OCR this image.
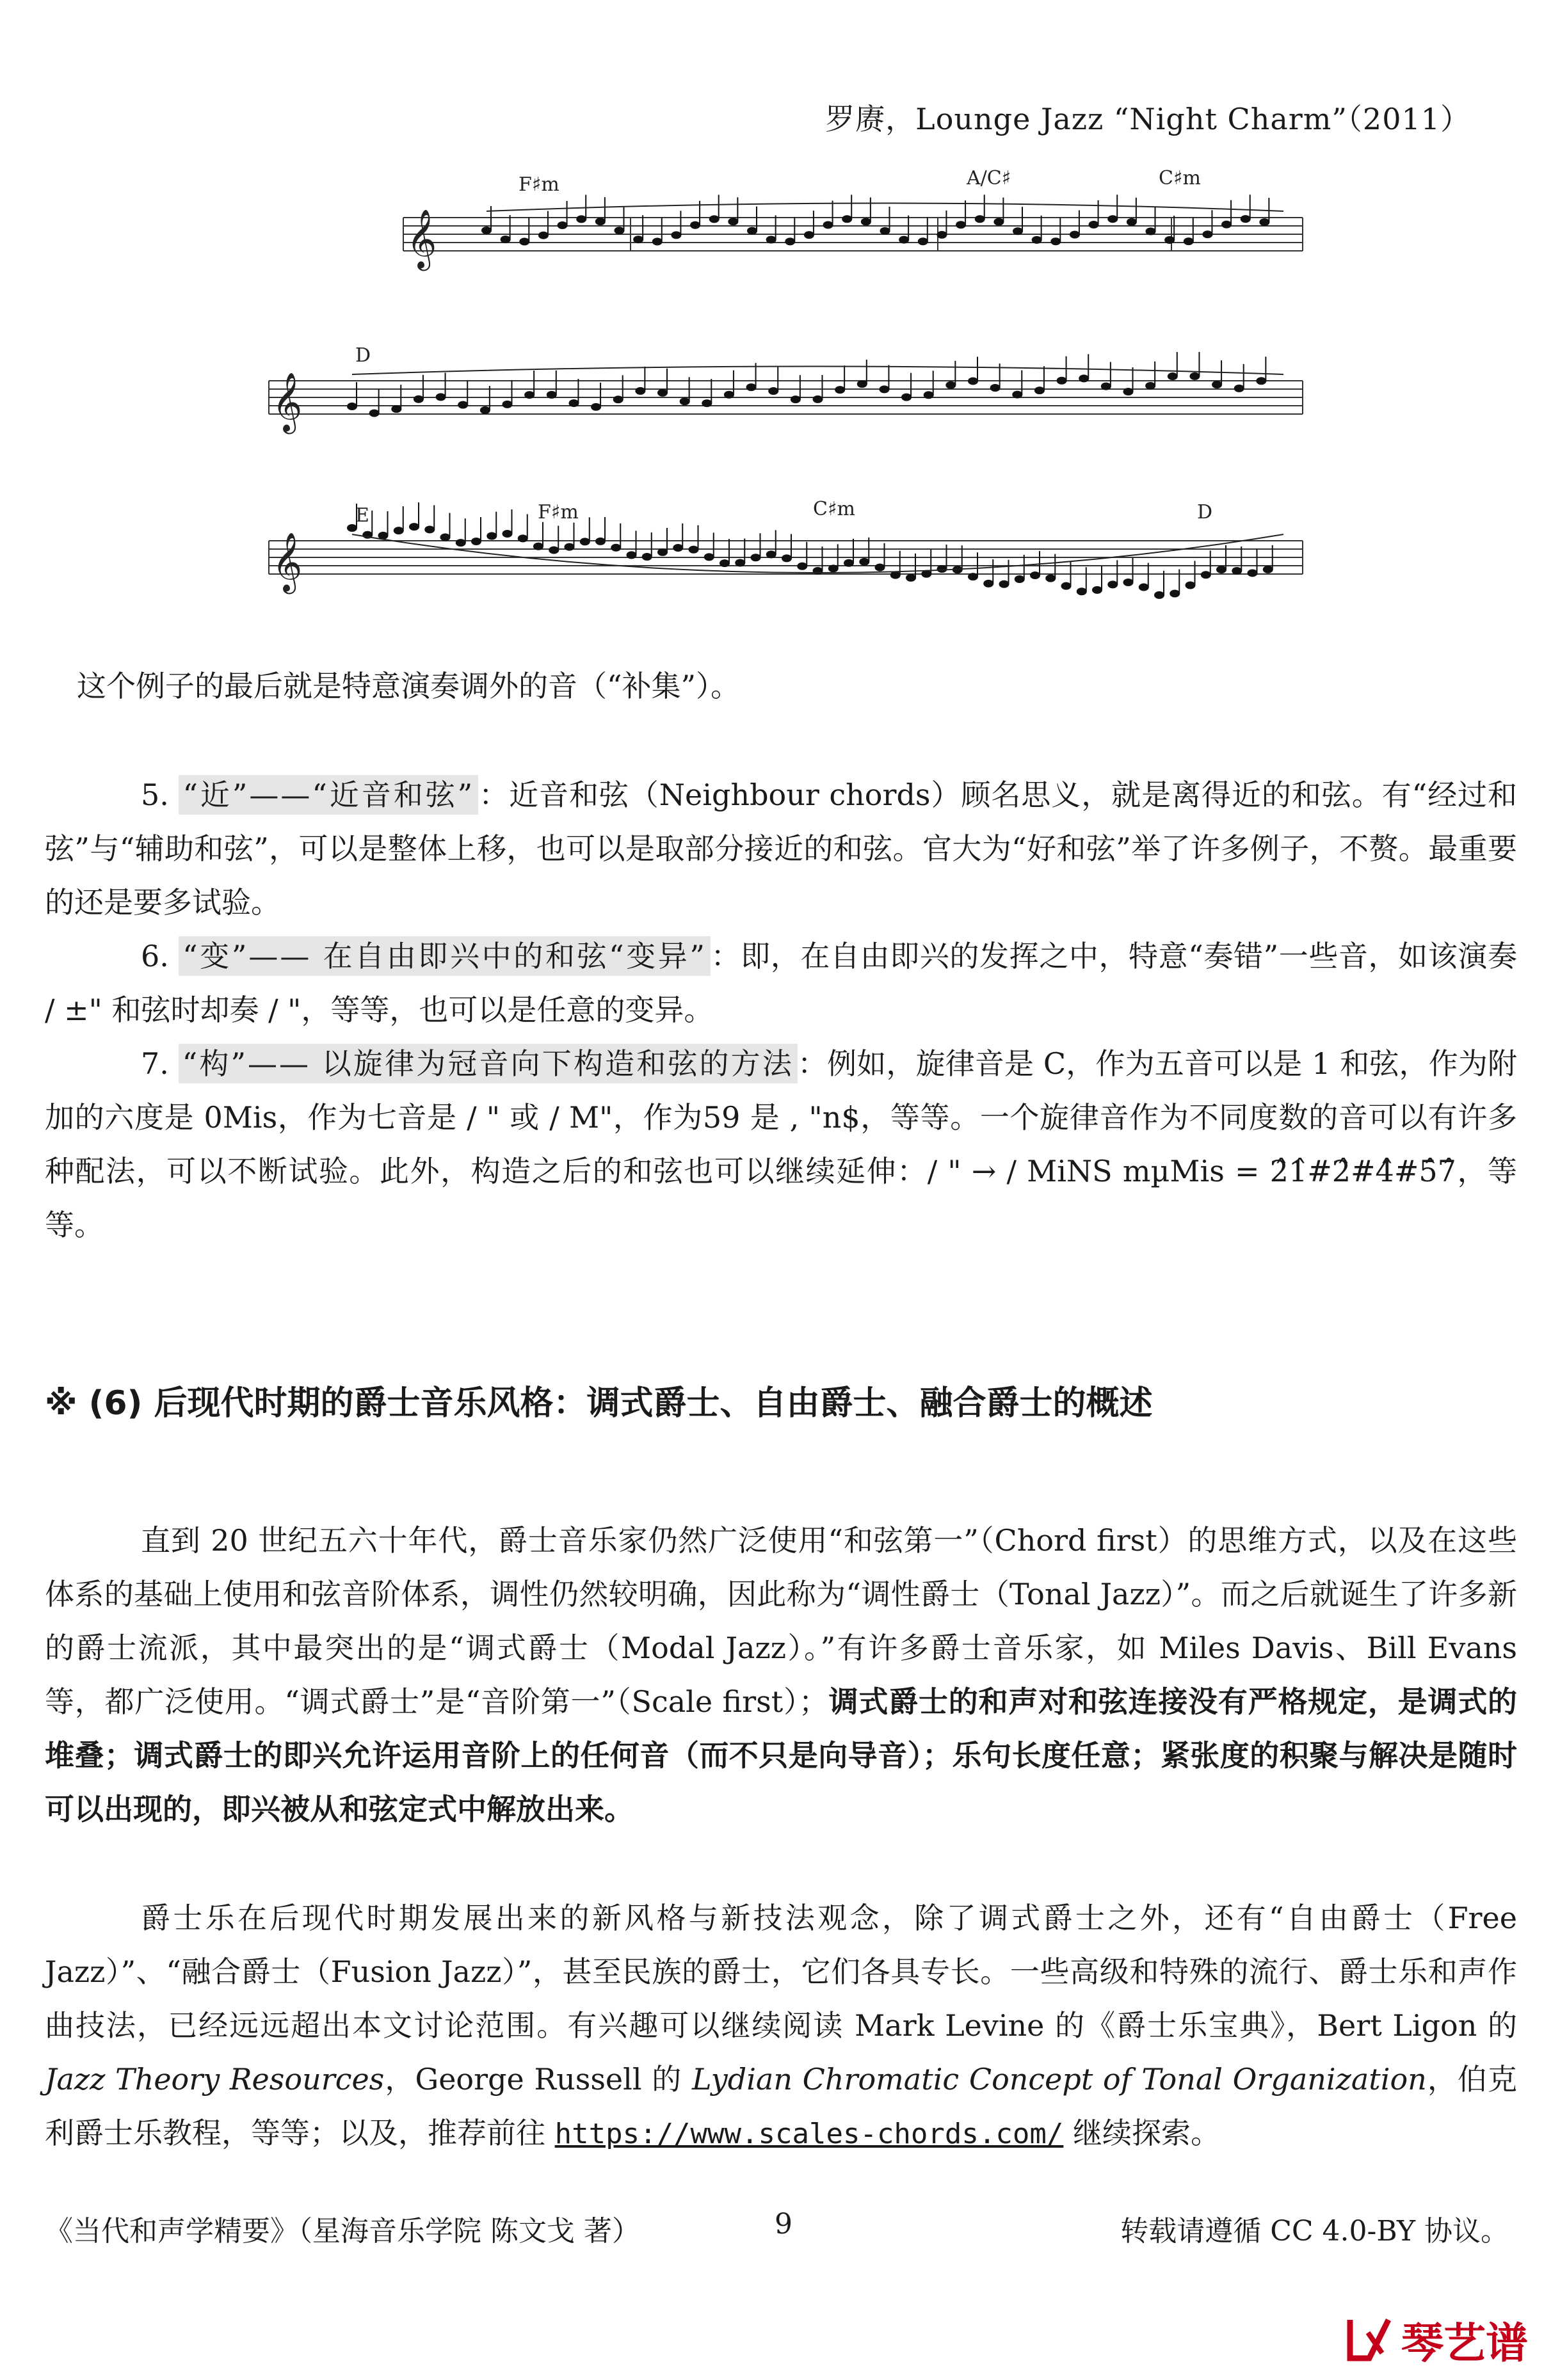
罗赓，Lounge Jazz “Night Charm”（2011）
𝄞
𝄞
𝄞
F♯m	A/C♯	C♯m
D
E	F♯m	C♯m	D
这个例子的最后就是特意演奏调外的音（“补集”）。
5. “近”——“近音和弦” ：近音和弦（Neighbour chords）顾名思义，就是离得近的和弦。有“经过和弦”与“辅助和弦”，可以是整体上移，也可以是取部分接近的和弦。官大为“好和弦”举了许多例子，不赘。最重要的还是要多试验。
6. “变”—— 在自由即兴中的和弦“变异” ：即，在自由即兴的发挥之中，特意“奏错”一些音，如该演奏 / ±" 和弦时却奏 / "，等等，也可以是任意的变异。
7. “构”—— 以旋律为冠音向下构造和弦的方法 ：例如，旋律音是 C，作为五音可以是 1 和弦，作为附加的六度是 0Mis，作为七音是 / " 或 / M"，作为59 是 , "n$，等等。一个旋律音作为不同度数的音可以有许多种配法，可以不断试验。此外，构造之后的和弦也可以继续延伸：/ " → / MiNS mµMis = 2̂1̂#2̂#4̂#5̂7̂，等等。
※ (6) 后现代时期的爵士音乐风格：调式爵士、自由爵士、融合爵士的概述
直到 20 世纪五六十年代，爵士音乐家仍然广泛使用“和弦第一”（Chord first）的思维方式，以及在这些体系的基础上使用和弦音阶体系，调性仍然较明确，因此称为“调性爵士（Tonal Jazz）”。而之后就诞生了许多新的爵士流派，其中最突出的是“调式爵士（Modal Jazz）。”有许多爵士音乐家，如 Miles Davis、Bill Evans 等，都广泛使用。“调式爵士”是“音阶第一”（Scale first）；调式爵士的和声对和弦连接没有严格规定，是调式的堆叠；调式爵士的即兴允许运用音阶上的任何音（而不只是向导音）；乐句长度任意；紧张度的积聚与解决是随时可以出现的，即兴被从和弦定式中解放出来。
爵士乐在后现代时期发展出来的新风格与新技法观念，除了调式爵士之外，还有“自由爵士（Free Jazz）”、“融合爵士（Fusion Jazz）”，甚至民族的爵士，它们各具专长。一些高级和特殊的流行、爵士乐和声作曲技法，已经远远超出本文讨论范围。有兴趣可以继续阅读 Mark Levine 的《爵士乐宝典》，Bert Ligon 的 Jazz Theory Resources，George Russell 的 Lydian Chromatic Concept of Tonal Organization，伯克利爵士乐教程，等等；以及，推荐前往 https://www.scales-chords.com/ 继续探索。
《当代和声学精要》（星海音乐学院 陈文戈 著）	9	转载请遵循 CC 4.0-BY 协议。
琴艺谱
